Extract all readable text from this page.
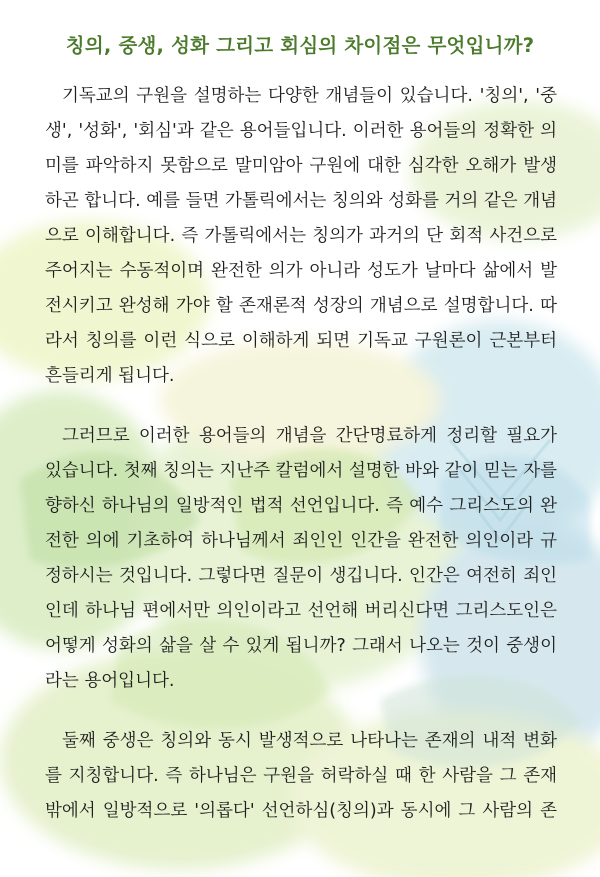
칭의, 중생, 성화 그리고 회심의 차이점은 무엇입니까?
기독교의 구원을 설명하는 다양한 개념들이 있습니다. '칭의', '중
생', '성화', '회심'과 같은 용어들입니다. 이러한 용어들의 정확한 의
미를 파악하지 못함으로 말미암아 구원에 대한 심각한 오해가 발생
하곤 합니다. 예를 들면 가톨릭에서는 칭의와 성화를 거의 같은 개념
으로 이해합니다. 즉 가톨릭에서는 칭의가 과거의 단 회적 사건으로
주어지는 수동적이며 완전한 의가 아니라 성도가 날마다 삶에서 발
전시키고 완성해 가야 할 존재론적 성장의 개념으로 설명합니다. 따
라서 칭의를 이런 식으로 이해하게 되면 기독교 구원론이 근본부터
흔들리게 됩니다.
그러므로 이러한 용어들의 개념을 간단명료하게 정리할 필요가
있습니다. 첫째 칭의는 지난주 칼럼에서 설명한 바와 같이 믿는 자를
향하신 하나님의 일방적인 법적 선언입니다. 즉 예수 그리스도의 완
전한 의에 기초하여 하나님께서 죄인인 인간을 완전한 의인이라 규
정하시는 것입니다. 그렇다면 질문이 생깁니다. 인간은 여전히 죄인
인데 하나님 편에서만 의인이라고 선언해 버리신다면 그리스도인은
어떻게 성화의 삶을 살 수 있게 됩니까? 그래서 나오는 것이 중생이
라는 용어입니다.
둘째 중생은 칭의와 동시 발생적으로 나타나는 존재의 내적 변화
를 지칭합니다. 즉 하나님은 구원을 허락하실 때 한 사람을 그 존재
밖에서 일방적으로 '의롭다' 선언하심(칭의)과 동시에 그 사람의 존
